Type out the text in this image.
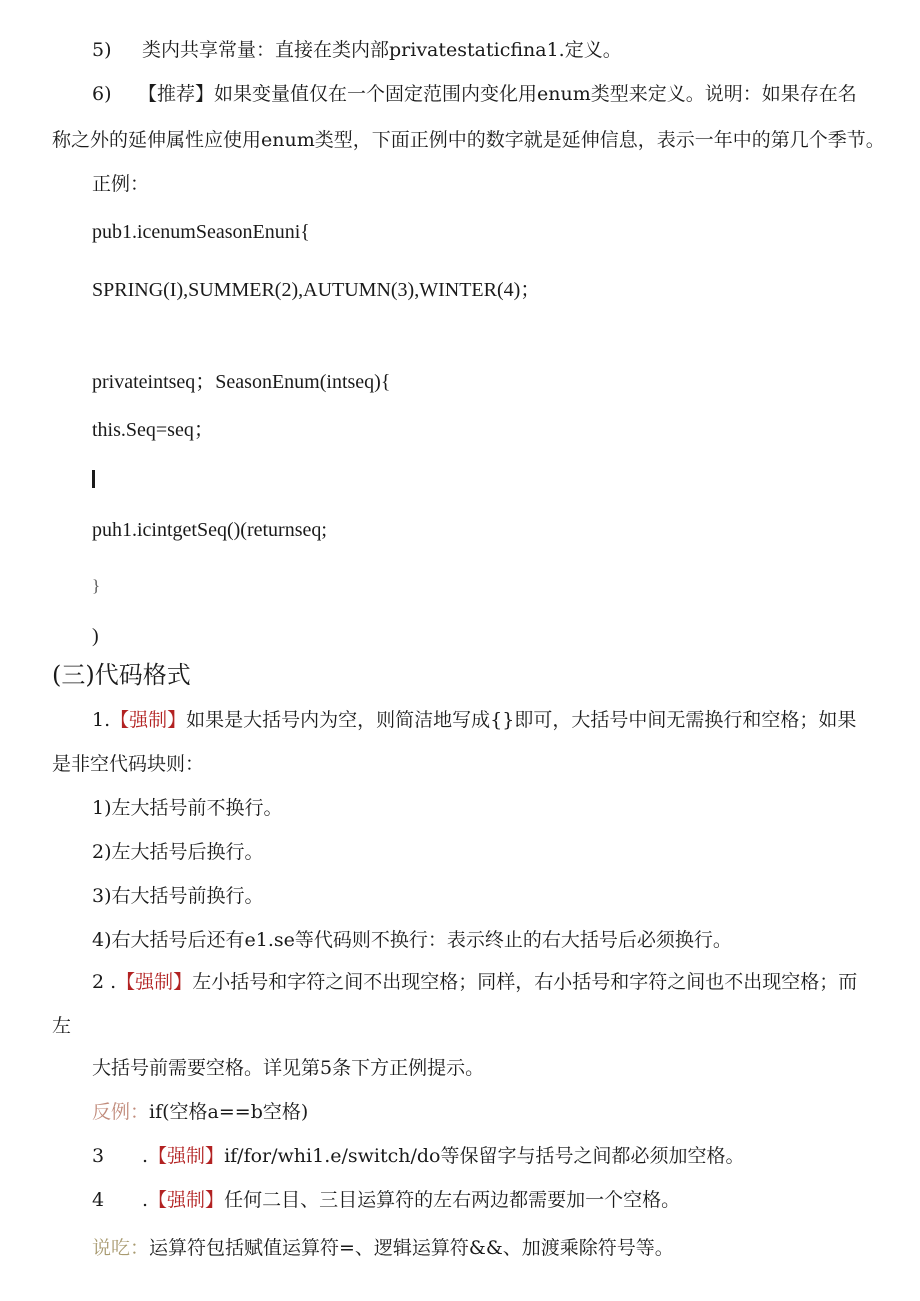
5) 类内共享常量：直接在类内部privatestaticfina1.定义。
6) 【推荐】如果变量值仅在一个固定范围内变化用enum类型来定义。说明：如果存在名
称之外的延伸属性应使用enum类型，下面正例中的数字就是延伸信息，表示一年中的第几个季节。
正例：
pub1.icenumSeasonEnuni{
SPRING(I),SUMMER(2),AUTUMN(3),WINTER(4)；
privateintseq；SeasonEnum(intseq){
this.Seq=seq；
puh1.icintgetSeq()(returnseq;
}
)
(三)代码格式
1.【强制】如果是大括号内为空，则简洁地写成{}即可，大括号中间无需换行和空格；如果
是非空代码块则：
1)左大括号前不换行。
2)左大括号后换行。
3)右大括号前换行。
4)右大括号后还有e1.se等代码则不换行：表示终止的右大括号后必须换行。
2 .【强制】左小括号和字符之间不出现空格；同样，右小括号和字符之间也不出现空格；而
左
大括号前需要空格。详见第5条下方正例提示。
反例：if(空格a==b空格)
3 .【强制】if/for/whi1.e/switch/do等保留字与括号之间都必须加空格。
4 .【强制】任何二目、三目运算符的左右两边都需要加一个空格。
说吃：运算符包括赋值运算符=、逻辑运算符&&、加渡乘除符号等。
